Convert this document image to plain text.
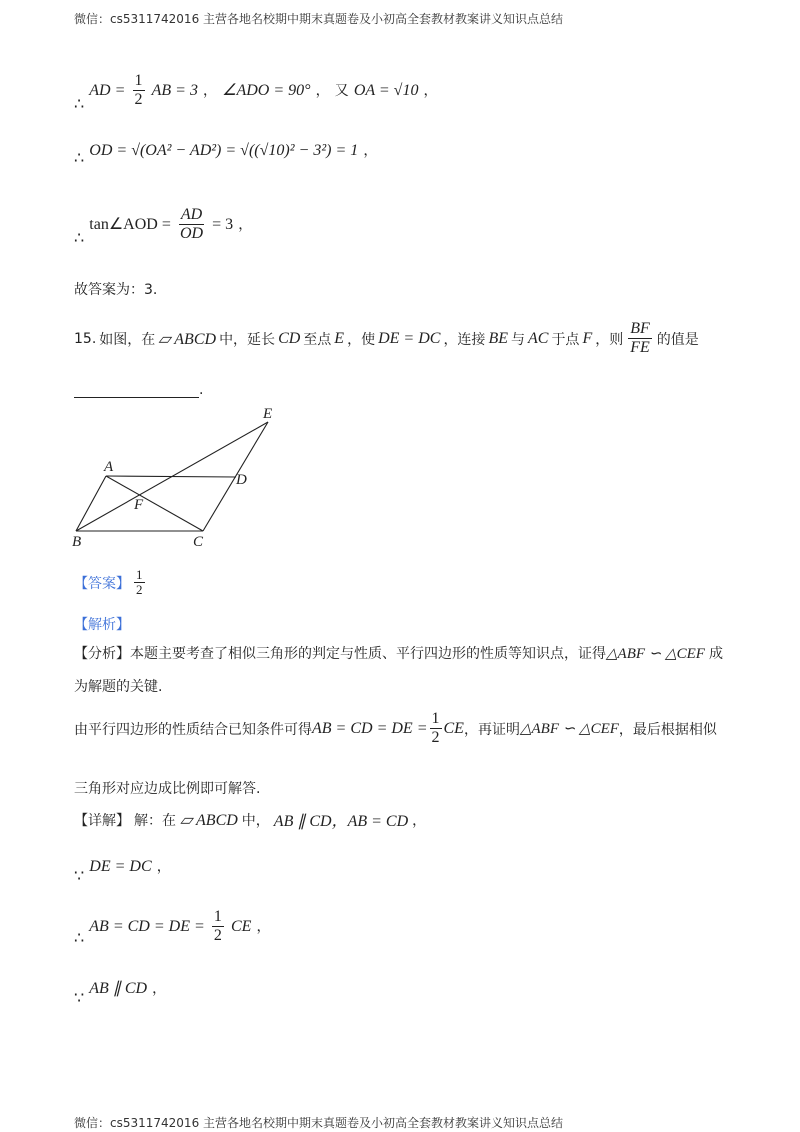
微信：cs5311742016 主营各地名校期中期末真题卷及小初高全套教材教案讲义知识点总结
∴ AD = $\frac{1}{2}$ AB = 3 ， ∠ADO = 90° ， 又 OA = √10 ，
∴ OD = √(OA² − AD²) = √((√10)² − 3²) = 1 ，
∴ tan∠AOD = $\frac{AD}{OD} = 3$ ，
故答案为：3.
15. 如图，在 ▱ ABCD 中，延长 CD 至点 E ，使 DE = DC ，连接 BE 与 AC 于点 F ，则 $\frac{BF}{FE}$ 的值是
.
A
B	C
D
E
F
【答案】 $\frac{1}{2}$
【解析】
【分析】 本题主要考查了相似三角形的判定与性质、平行四边形的性质等知识点，证得 △ABF ∽ △CEF 成
为解题的关键.
由平行四边形的性质结合已知条件可得 AB = CD = DE = $\frac{1}{2}$ CE ，再证明 △ABF ∽ △CEF ，最后根据相似
三角形对应边成比例即可解答.
【详解】 解：在 ▱ ABCD 中， AB ∥ CD，AB = CD ，
∵ DE = DC ，
∴ AB = CD = DE = $\frac{1}{2}$ CE ，
∵ AB ∥ CD ，
微信：cs5311742016 主营各地名校期中期末真题卷及小初高全套教材教案讲义知识点总结
